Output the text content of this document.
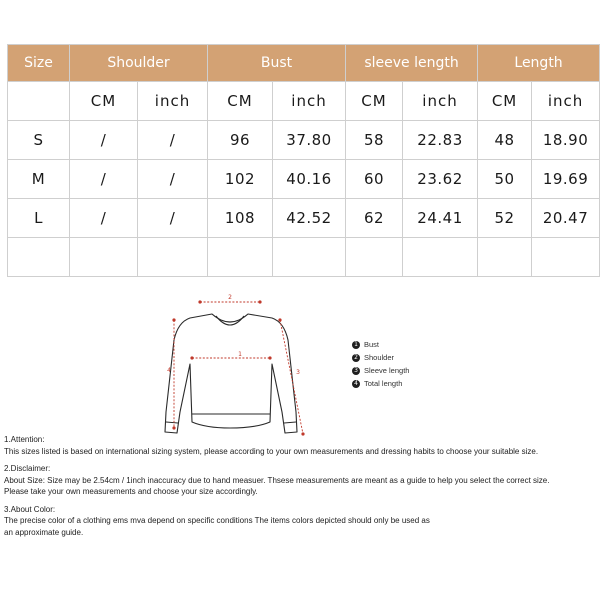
Size	Shoulder		Bust		sleeve length		Length	
	CM	inch	CM	inch	CM	inch	CM	inch
S	/	/	96	37.80	58	22.83	48	18.90
M	/	/	102	40.16	60	23.62	50	19.69
L	/	/	108	42.52	62	24.41	52	20.47

2
1
3
4
1 Bust
2 Shoulder
3 Sleeve length
4 Total length

1.Attention:

This sizes listed is based on international sizing system, please according to your own measurements and dressing habits to choose your suitable size.

2.Disclaimer:

About Size: Size may be 2.54cm / 1inch inaccuracy due to hand measuer. Thsese measurements are meant as a guide to help you select the correct size.

Please take your own measurements and choose your size accordingly.

3.About Color:

The precise color of a clothing ems mva depend on specific conditions The items colors depicted should only be used as

an approximate guide.
